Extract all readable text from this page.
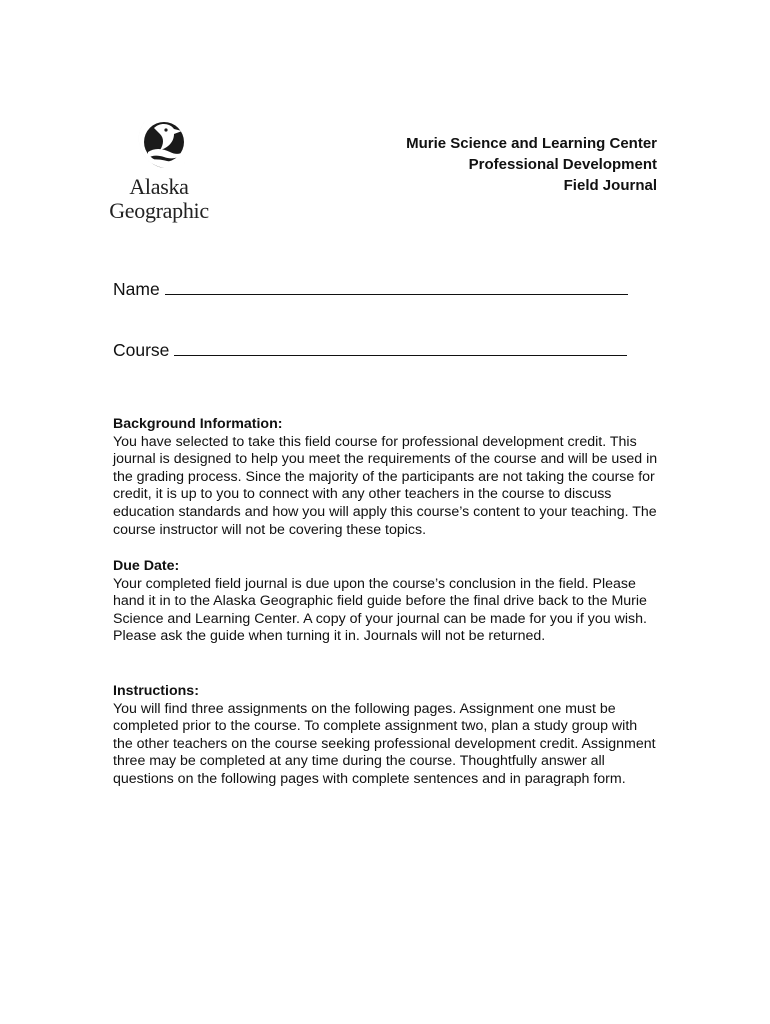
Alaska
Geographic
Murie Science and Learning Center
Professional Development
Field Journal
Name
Course
Background Information:

You have selected to take this field course for professional development credit. This journal is designed to help you meet the requirements of the course and will be used in the grading process. Since the majority of the participants are not taking the course for credit, it is up to you to connect with any other teachers in the course to discuss education standards and how you will apply this course’s content to your teaching. The course instructor will not be covering these topics.

Due Date:

Your completed field journal is due upon the course’s conclusion in the field. Please hand it in to the Alaska Geographic field guide before the final drive back to the Murie Science and Learning Center. A copy of your journal can be made for you if you wish. Please ask the guide when turning it in. Journals will not be returned.

Instructions:

You will find three assignments on the following pages. Assignment one must be completed prior to the course. To complete assignment two, plan a study group with the other teachers on the course seeking professional development credit. Assignment three may be completed at any time during the course. Thoughtfully answer all questions on the following pages with complete sentences and in paragraph form.
